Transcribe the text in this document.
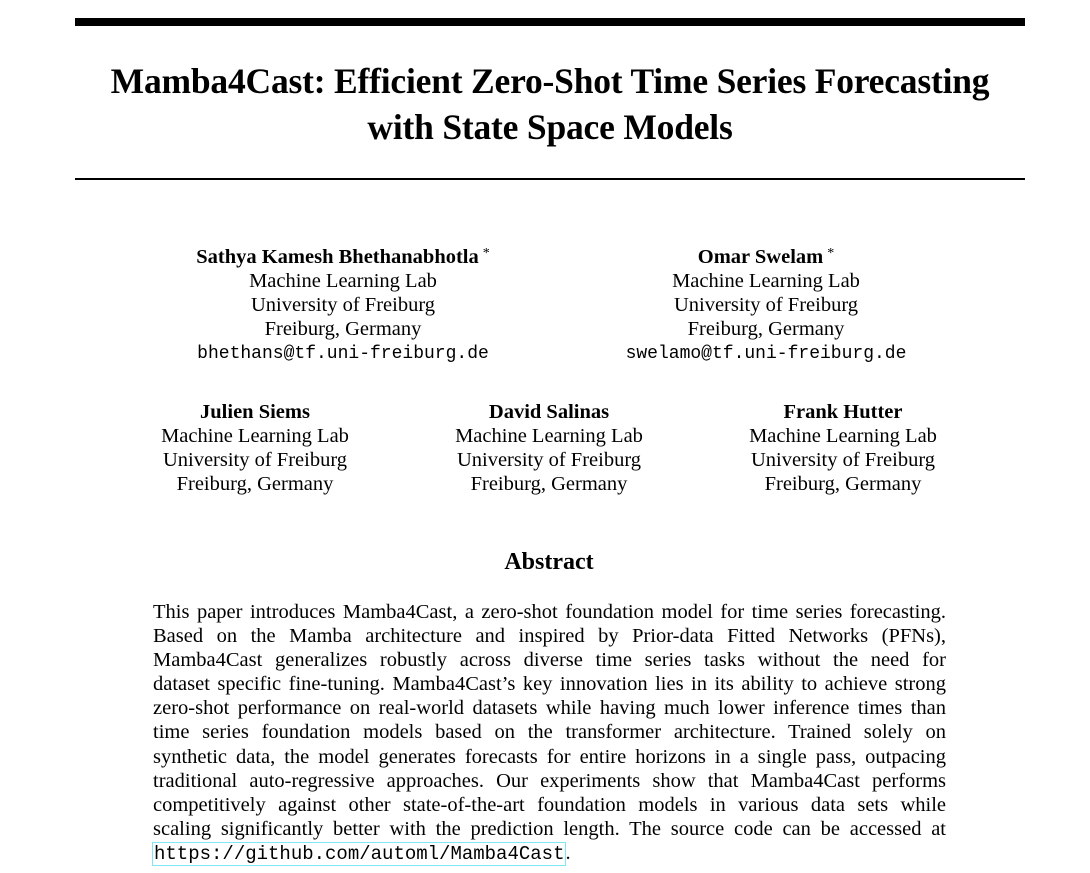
Mamba4Cast: Efficient Zero-Shot Time Series Forecasting
with State Space Models
Sathya Kamesh Bhethanabhotla *
Machine Learning Lab
University of Freiburg
Freiburg, Germany
bhethans@tf.uni-freiburg.de
Omar Swelam *
Machine Learning Lab
University of Freiburg
Freiburg, Germany
swelamo@tf.uni-freiburg.de
Julien Siems
Machine Learning Lab
University of Freiburg
Freiburg, Germany
David Salinas
Machine Learning Lab
University of Freiburg
Freiburg, Germany
Frank Hutter
Machine Learning Lab
University of Freiburg
Freiburg, Germany
Abstract
This paper introduces Mamba4Cast, a zero-shot foundation model for time series forecasting.
Based on the Mamba architecture and inspired by Prior-data Fitted Networks (PFNs),
Mamba4Cast generalizes robustly across diverse time series tasks without the need for
dataset specific fine-tuning. Mamba4Cast’s key innovation lies in its ability to achieve strong
zero-shot performance on real-world datasets while having much lower inference times than
time series foundation models based on the transformer architecture. Trained solely on
synthetic data, the model generates forecasts for entire horizons in a single pass, outpacing
traditional auto-regressive approaches. Our experiments show that Mamba4Cast performs
competitively against other state-of-the-art foundation models in various data sets while
scaling significantly better with the prediction length. The source code can be accessed at
https://github.com/automl/Mamba4Cast.
